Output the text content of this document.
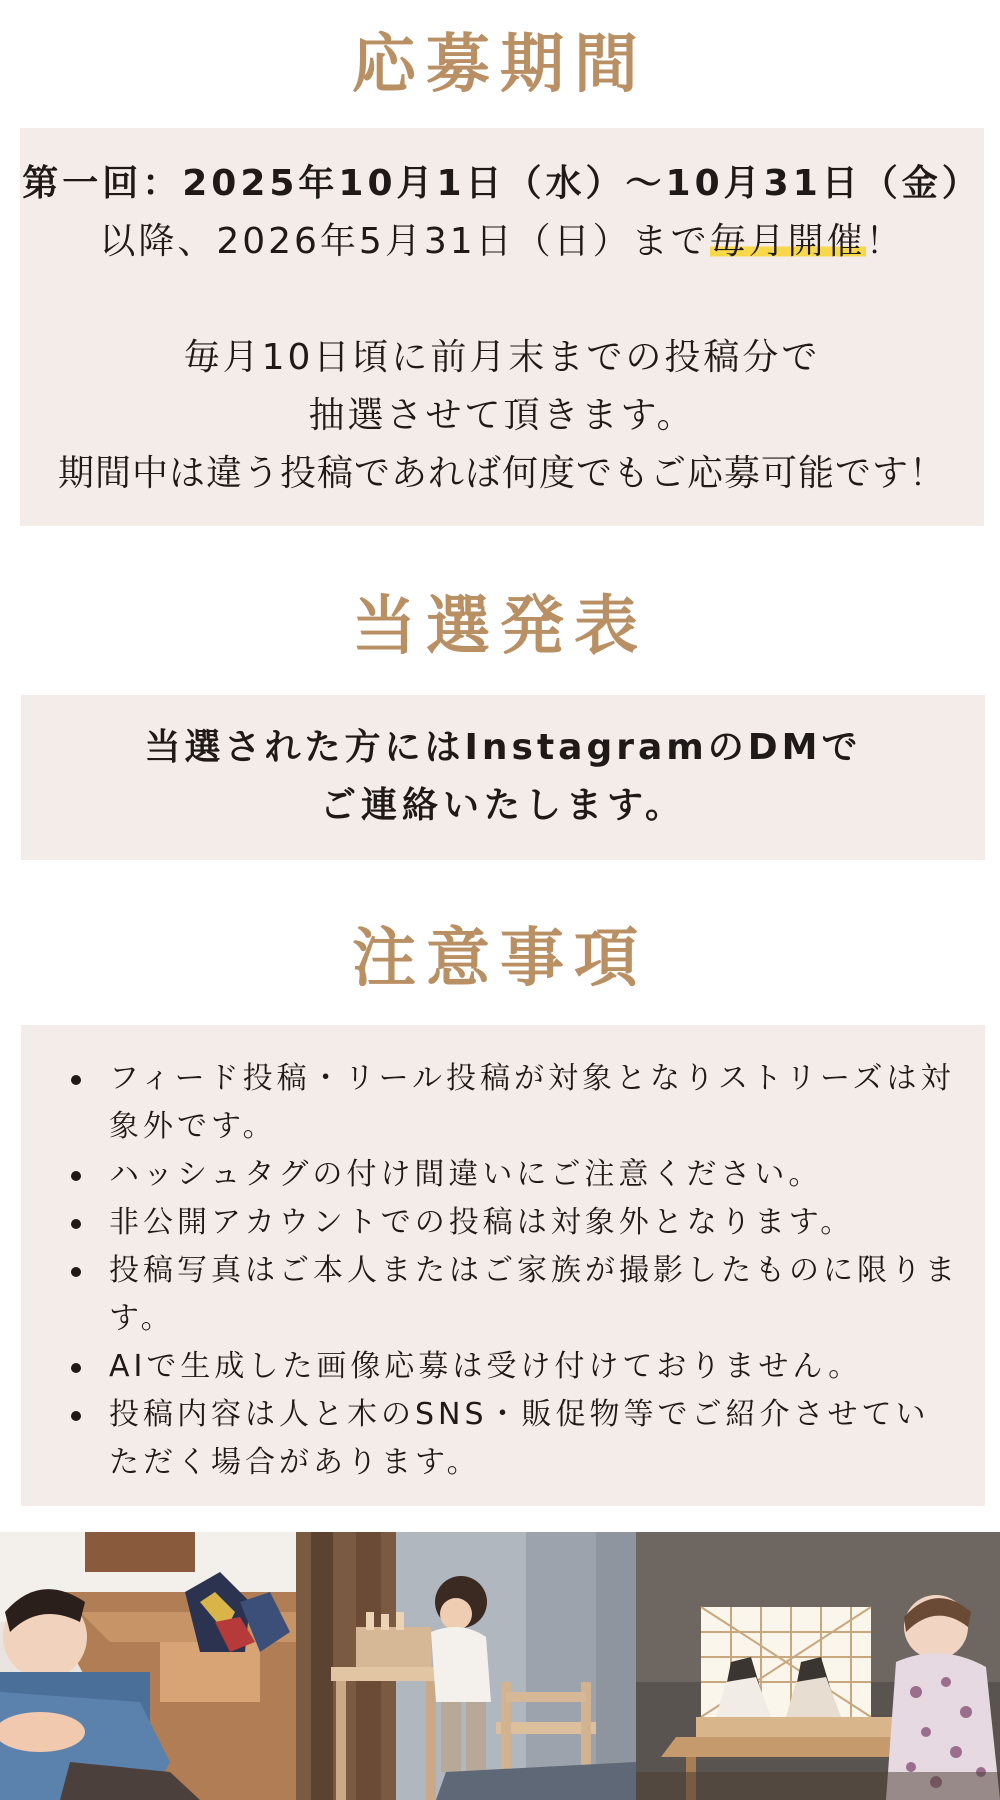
応募期間
第一回：2025年10月1日（水）〜10月31日（金）
以降、2026年5月31日（日）まで毎月開催！
毎月10日頃に前月末までの投稿分で
抽選させて頂きます。
期間中は違う投稿であれば何度でもご応募可能です！
当選発表
当選された方にはInstagramのDMで
ご連絡いたします。
注意事項
フィード投稿・リール投稿が対象となりストリーズは対象外です。
ハッシュタグの付け間違いにご注意ください。
非公開アカウントでの投稿は対象外となります。
投稿写真はご本人またはご家族が撮影したものに限ります。
AIで生成した画像応募は受け付けておりません。
投稿内容は人と木のSNS・販促物等でご紹介させていただく場合があります。
